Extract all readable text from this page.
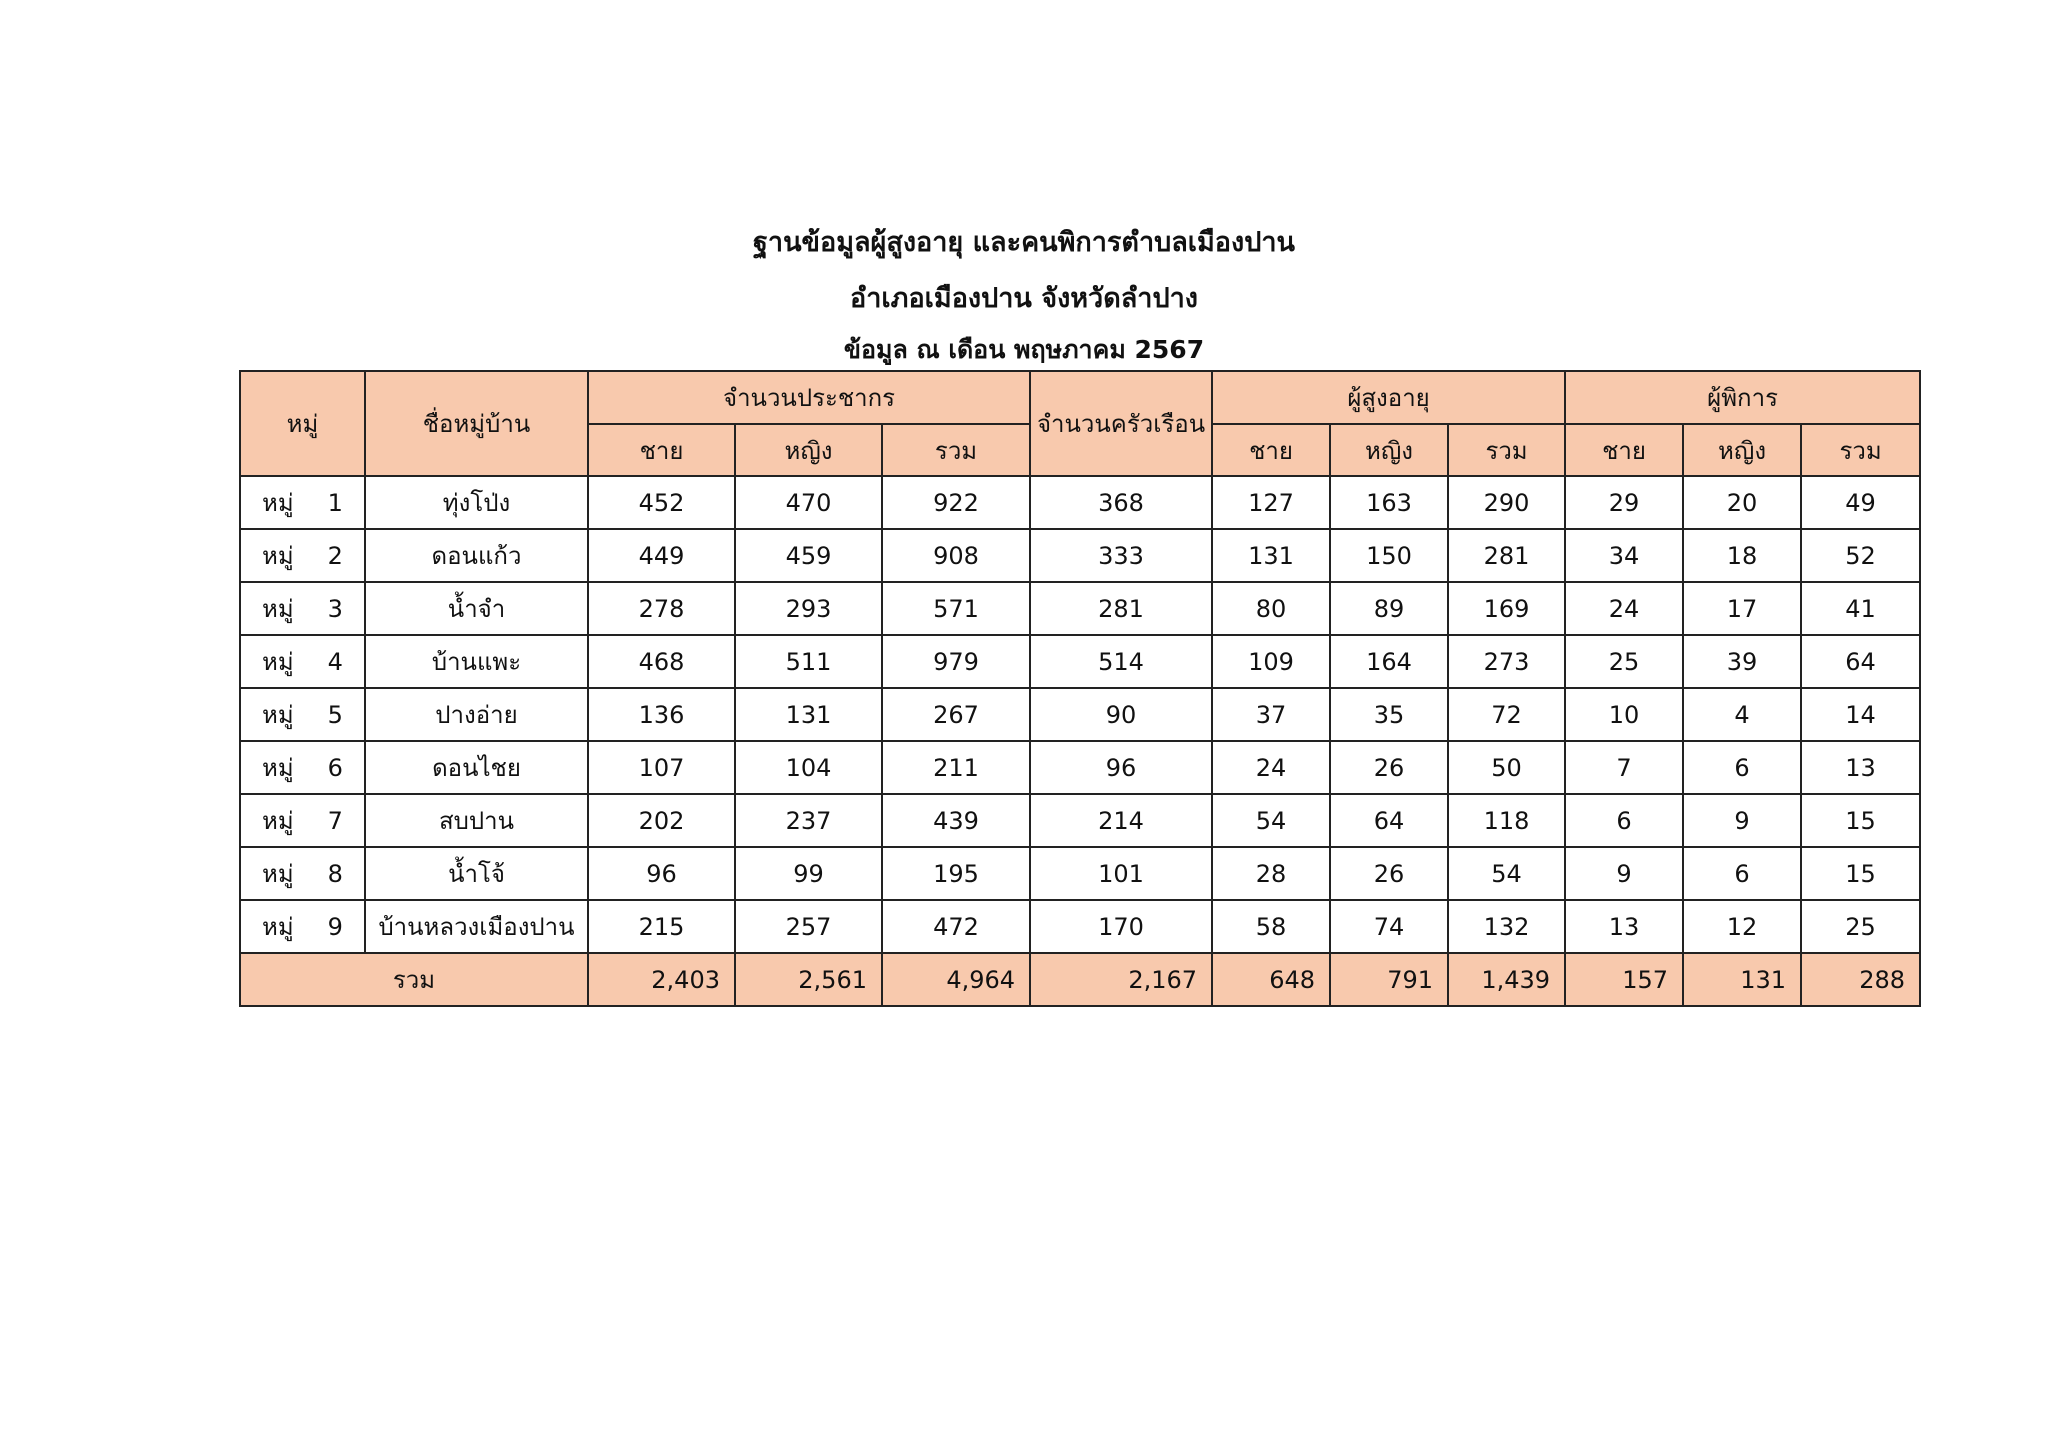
ฐานข้อมูลผู้สูงอายุ และคนพิการตำบลเมืองปาน
อำเภอเมืองปาน จังหวัดลำปาง
ข้อมูล ณ เดือน พฤษภาคม 2567
หมู่	ชื่อหมู่บ้าน	จำนวนประชากร			จำนวนครัวเรือน	ผู้สูงอายุ			ผู้พิการ		
		ชาย	หญิง	รวม		ชาย	หญิง	รวม	ชาย	หญิง	รวม
หมู่ 1	ทุ่งโป่ง	452	470	922	368	127	163	290	29	20	49
หมู่ 2	ดอนแก้ว	449	459	908	333	131	150	281	34	18	52
หมู่ 3	น้ำจำ	278	293	571	281	80	89	169	24	17	41
หมู่ 4	บ้านแพะ	468	511	979	514	109	164	273	25	39	64
หมู่ 5	ปางอ่าย	136	131	267	90	37	35	72	10	4	14
หมู่ 6	ดอนไชย	107	104	211	96	24	26	50	7	6	13
หมู่ 7	สบปาน	202	237	439	214	54	64	118	6	9	15
หมู่ 8	น้ำโจ้	96	99	195	101	28	26	54	9	6	15
หมู่ 9	บ้านหลวงเมืองปาน	215	257	472	170	58	74	132	13	12	25
รวม		2,403	2,561	4,964	2,167	648	791	1,439	157	131	288
